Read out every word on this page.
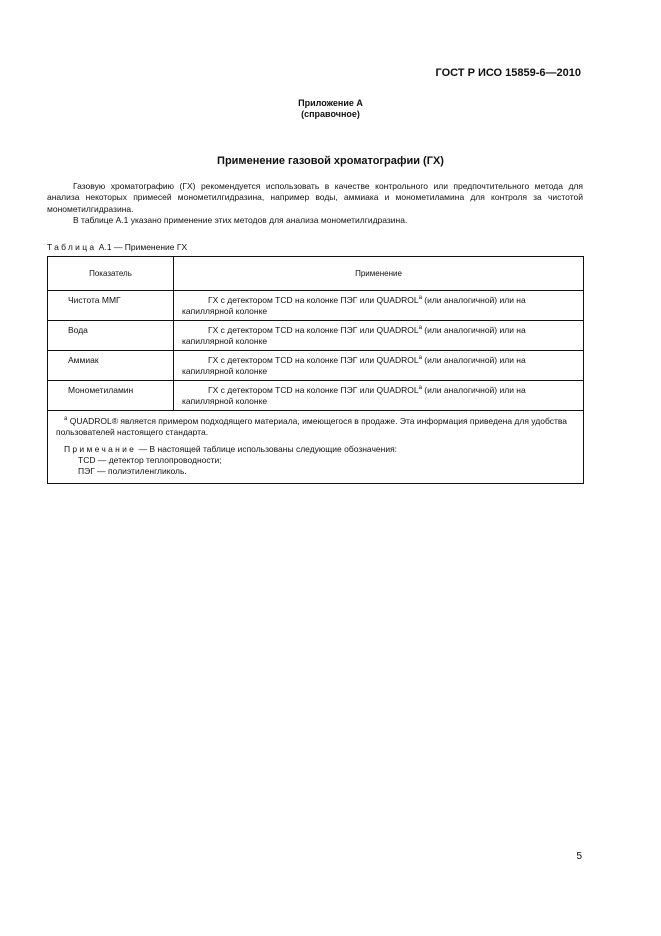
ГОСТ Р ИСО 15859-6—2010
Приложение A
(справочное)
Применение газовой хроматографии (ГХ)

Газовую хроматографию (ГХ) рекомендуется использовать в качестве контрольного или предпочтительного метода для анализа некоторых примесей монометилгидразина, например воды, аммиака и монометиламина для контроля за чистотой монометилгидразина.

В таблице А.1 указано применение этих методов для анализа монометилгидразина.

Таблица А.1 — Применение ГХ
Показатель	Применение
Чистота ММГ	ГХ с детектором TCD на колонке ПЭГ или QUADROL$^a$ (или аналогичной) или на капиллярной колонке

Вода	ГХ с детектором TCD на колонке ПЭГ или QUADROL$^a$ (или аналогичной) или на капиллярной колонке

Аммиак	ГХ с детектором TCD на колонке ПЭГ или QUADROL$^a$ (или аналогичной) или на капиллярной колонке

Монометиламин	ГХ с детектором TCD на колонке ПЭГ или QUADROL$^a$ (или аналогичной) или на капиллярной колонке

$^a$ QUADROL® является примером подходящего материала, имеющегося в продаже. Эта информация приведена для удобства пользователей настоящего стандарта.

Примечание — В настоящей таблице использованы следующие обозначения:

TCD — детектор теплопроводности;

ПЭГ — полиэтиленгликоль.	

5
